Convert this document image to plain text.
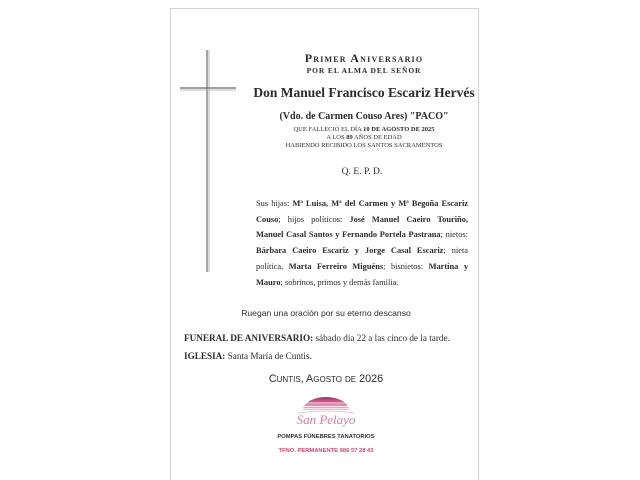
Primer Aniversario
POR EL ALMA DEL SEÑOR
Don Manuel Francisco Escariz Hervés
(Vdo. de Carmen Couso Ares) "PACO"
QUE FALLECIÓ EL DÍA 10 DE AGOSTO DE 2025
A LOS 89 AÑOS DE EDAD
HABIENDO RECIBIDO LOS SANTOS SACRAMENTOS
Q. E. P. D.
Sus hijas: Mª Luisa, Mª del Carmen y Mª Begoña Escariz
Couso; hijos políticos: José Manuel Caeiro Touriño,
Manuel Casal Santos y Fernando Portela Pastrana; nietos:
Bárbara Caeiro Escariz y Jorge Casal Escariz; nieta
política, Marta Ferreiro Miguéns; bisnietos: Martina y
Mauro; sobrinos, primos y demás familia.
Ruegan una oración por su eterno descanso
FUNERAL DE ANIVERSARIO: sábado día 22 a las cinco de la tarde.
IGLESIA: Santa María de Cuntis.
Cuntis, Agosto de 2026
San Pelayo
POMPAS FÚNEBRES TANATORIOS
TFNO. PERMANENTE 986 57 28 43
